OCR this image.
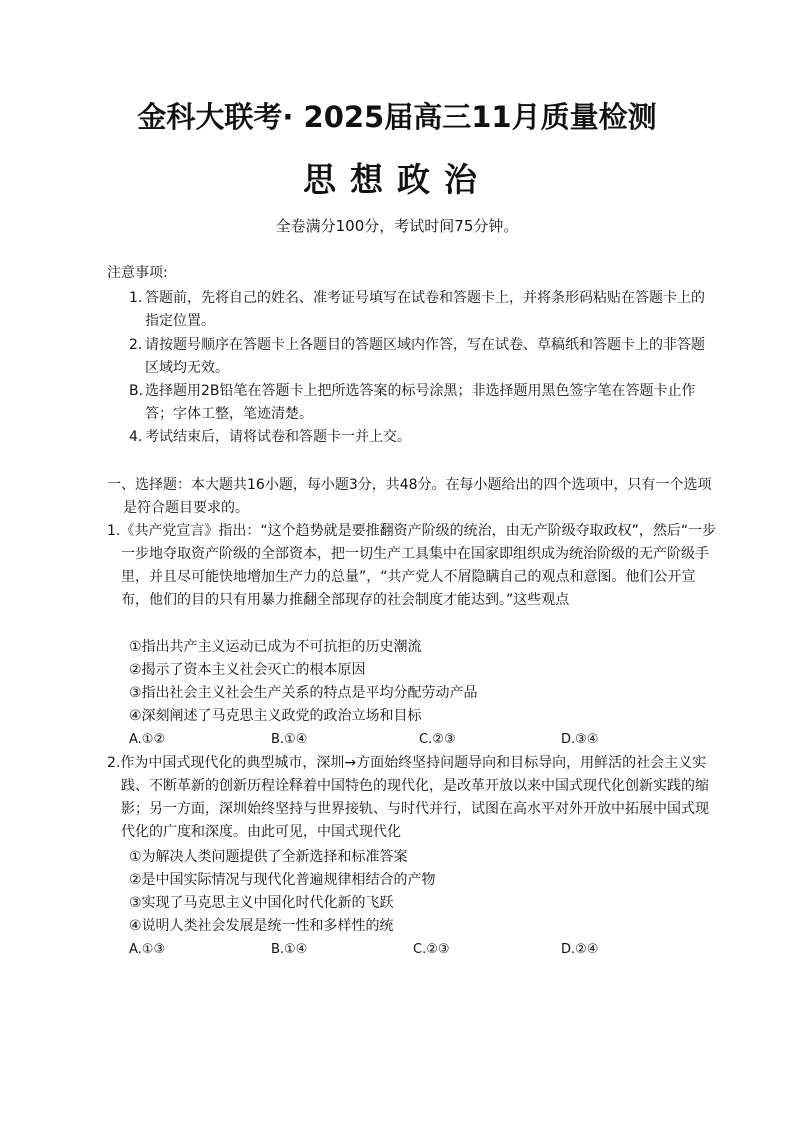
金科大联考· 2025届高三11月质量检测
思想政治
全卷满分100分，考试时间75分钟。
注意事项:
1. 答题前，先将自己的姓名、准考证号填写在试卷和答题卡上，并将条形码粘贴在答题卡上的指定位置。
2. 请按题号顺序在答题卡上各题目的答题区域内作答，写在试卷、草稿纸和答题卡上的非答题区域均无效。
B. 选择题用2B铅笔在答题卡上把所选答案的标号涂黑；非选择题用黑色签字笔在答题卡止作答；字体工整，笔迹清楚。
4. 考试结束后，请将试卷和答题卡一并上交。
一、选择题：本大题共16小题，每小题3分，共48分。在每小题给出的四个选项中，只有一个选项是符合题目要求的。
1.《共产党宣言》指出：“这个趋势就是要推翻资产阶级的统治，由无产阶级夺取政权”，然后“一步一步地夺取资产阶级的全部资本，把一切生产工具集中在国家即组织成为统治阶级的无产阶级手里，并且尽可能快地增加生产力的总量”，“共产党人不屑隐瞒自己的观点和意图。他们公开宣布，他们的目的只有用暴力推翻全部现存的社会制度才能达到。”这些观点
①指出共产主义运动已成为不可抗拒的历史潮流
②揭示了资本主义社会灭亡的根本原因
③指出社会主义社会生产关系的特点是平均分配劳动产品
④深刻阐述了马克思主义政党的政治立场和目标
A.①②	B.①④	C.②③	D.③④
2.作为中国式现代化的典型城市，深圳→方面始终坚持问题导向和目标导向，用鲜活的社会主义实践、不断革新的创新历程诠释着中国特色的现代化，是改革开放以来中国式现代化创新实践的缩影；另一方面，深圳始终坚持与世界接轨、与时代并行，试图在高水平对外开放中拓展中国式现代化的广度和深度。由此可见，中国式现代化
①为解决人类问题提供了全新选择和标准答案
②是中国实际情况与现代化普遍规律相结合的产物
③实现了马克思主义中国化时代化新的飞跃
④说明人类社会发展是统一性和多样性的统
A.①③	B.①④	C.②③	D.②④
